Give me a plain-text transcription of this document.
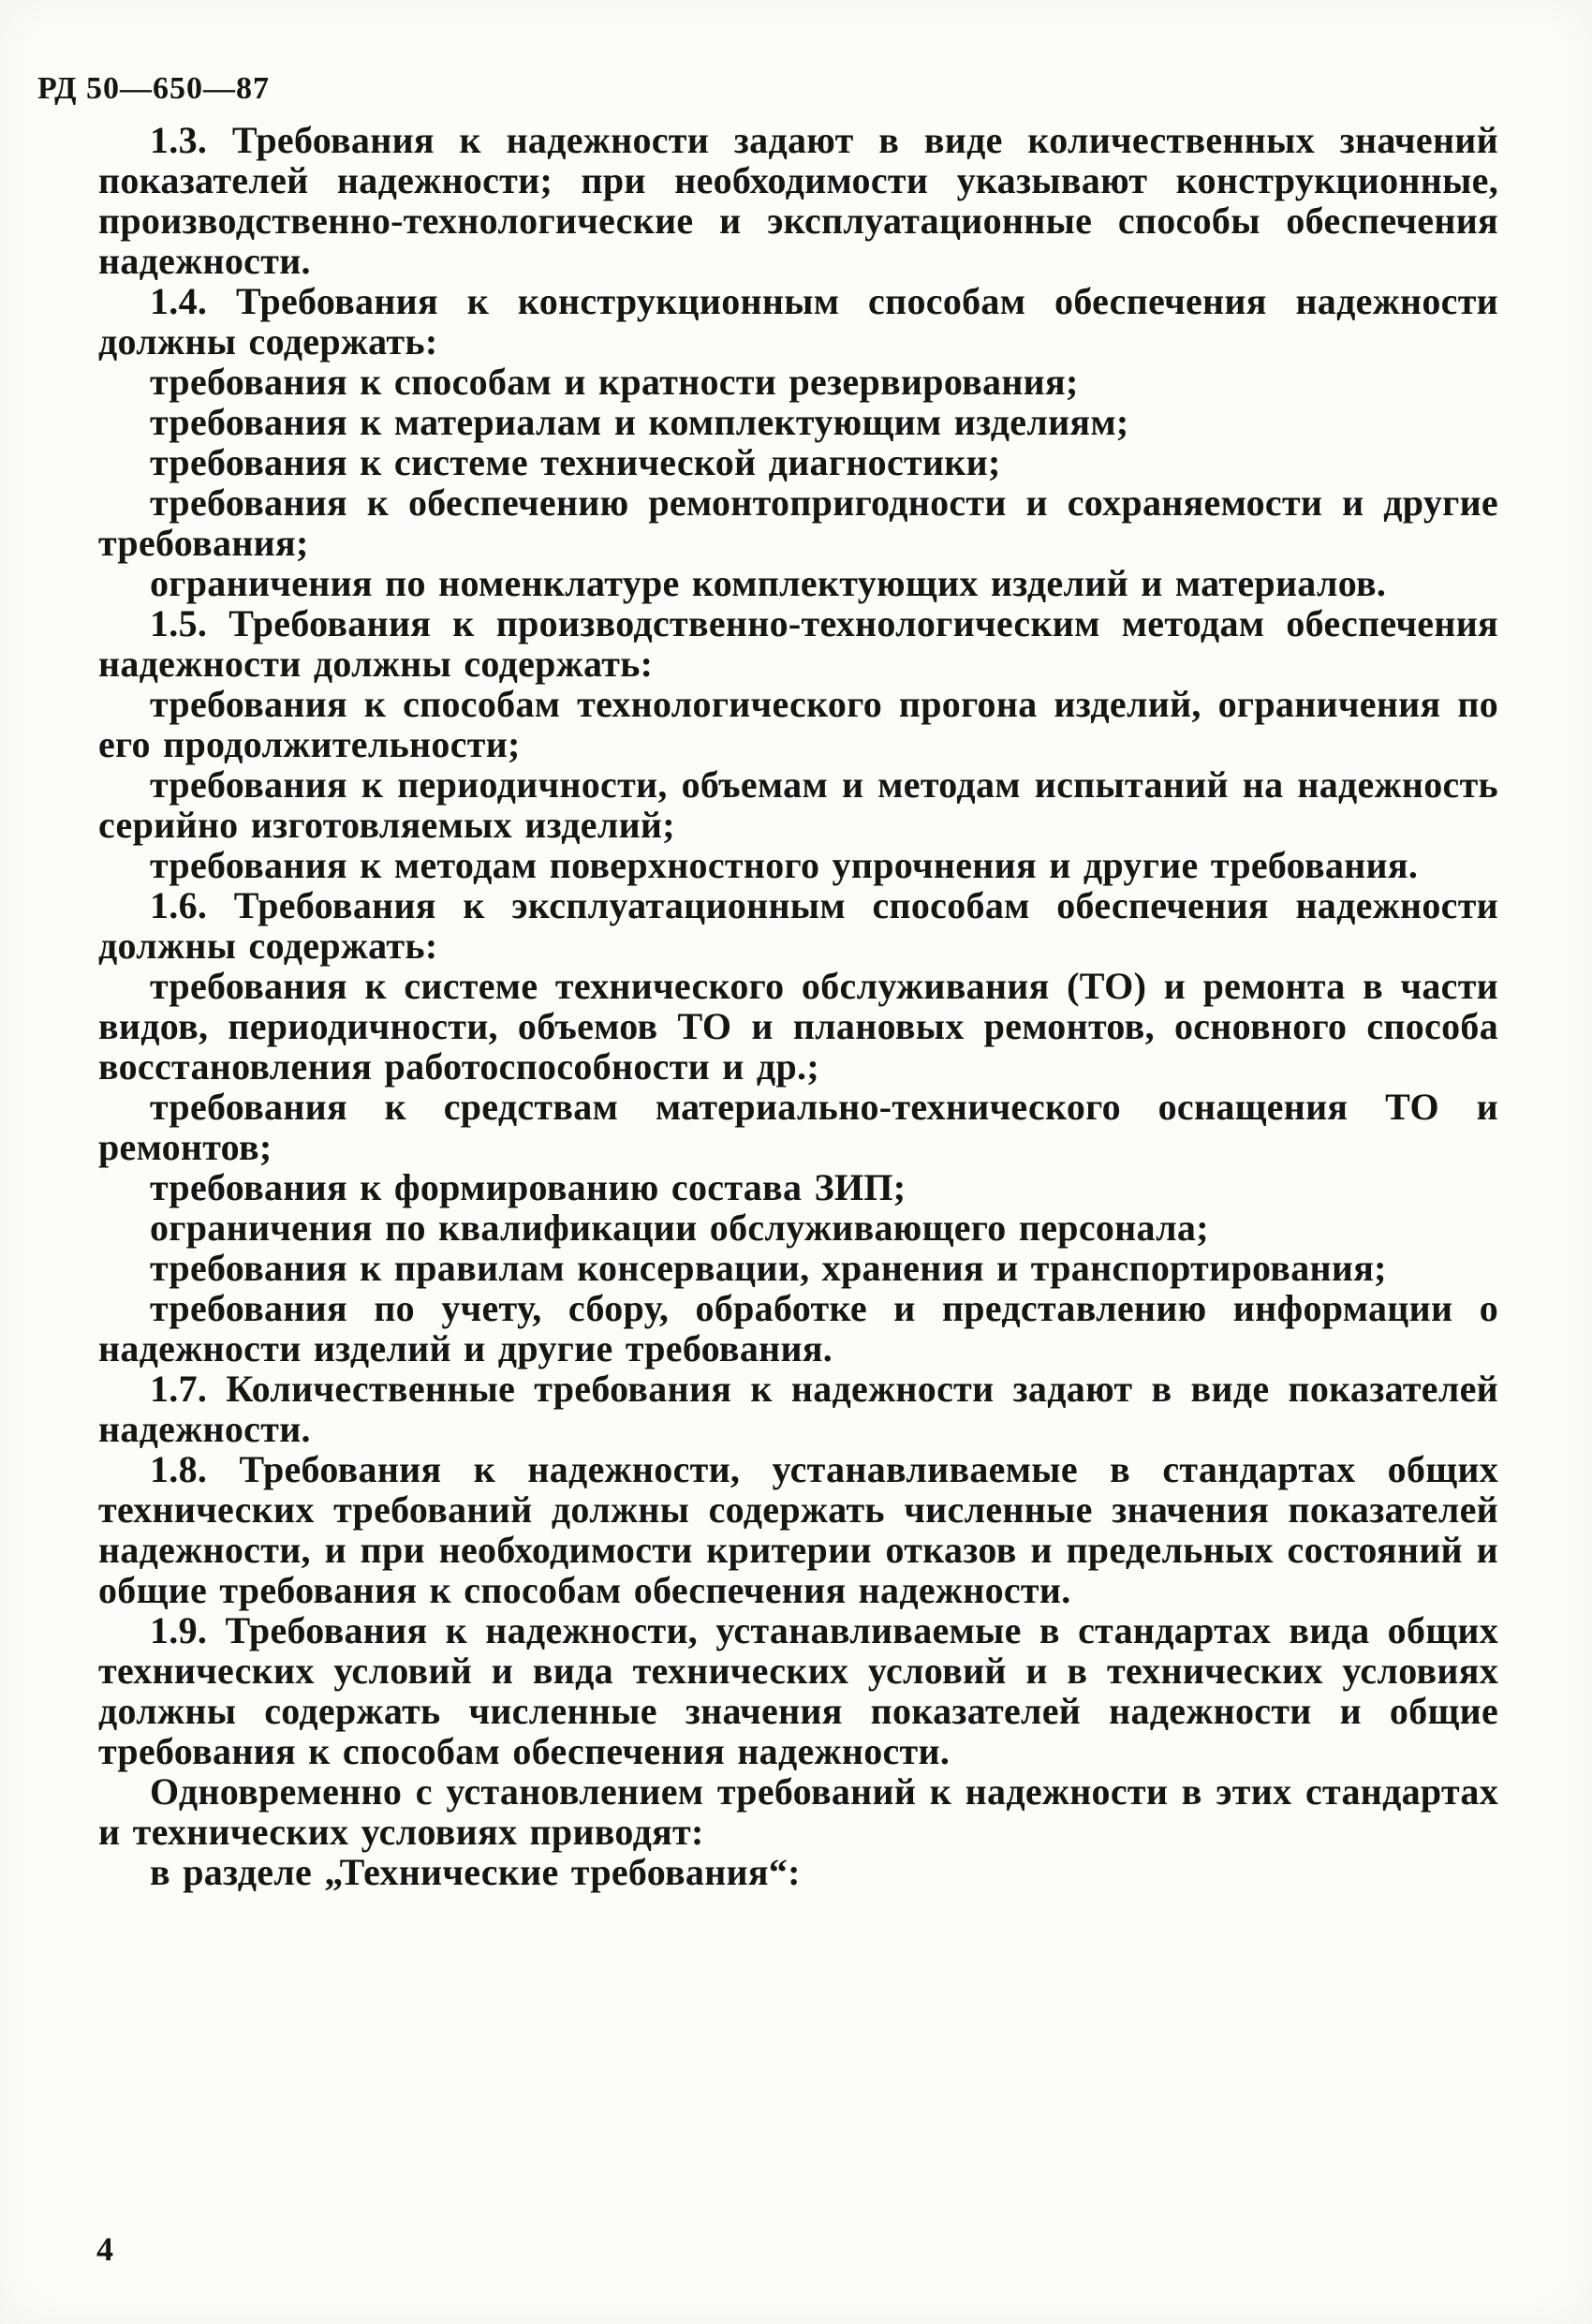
РД 50—650—87

1.3. Требования к надежности задают в виде количественных значений показателей надежности; при необходимости указывают конструкционные, производственно-технологические и эксплуатационные способы обеспечения надежности.

1.4. Требования к конструкционным способам обеспечения надежности должны содержать:

требования к способам и кратности резервирования;

требования к материалам и комплектующим изделиям;

требования к системе технической диагностики;

требования к обеспечению ремонтопригодности и сохраняемости и другие требования;

ограничения по номенклатуре комплектующих изделий и материалов.

1.5. Требования к производственно-технологическим методам обеспечения надежности должны содержать:

требования к способам технологического прогона изделий, ограничения по его продолжительности;

требования к периодичности, объемам и методам испытаний на надежность серийно изготовляемых изделий;

требования к методам поверхностного упрочнения и другие требования.

1.6. Требования к эксплуатационным способам обеспечения надежности должны содержать:

требования к системе технического обслуживания (ТО) и ремонта в части видов, периодичности, объемов ТО и плановых ремонтов, основного способа восстановления работоспособности и др.;

требования к средствам материально-технического оснащения ТО и ремонтов;

требования к формированию состава ЗИП;

ограничения по квалификации обслуживающего персонала;

требования к правилам консервации, хранения и транспортирования;

требования по учету, сбору, обработке и представлению информации о надежности изделий и другие требования.

1.7. Количественные требования к надежности задают в виде показателей надежности.

1.8. Требования к надежности, устанавливаемые в стандартах общих технических требований должны содержать численные значения показателей надежности, и при необходимости критерии отказов и предельных состояний и общие требования к способам обеспечения надежности.

1.9. Требования к надежности, устанавливаемые в стандартах вида общих технических условий и вида технических условий и в технических условиях должны содержать численные значения показателей надежности и общие требования к способам обеспечения надежности.

Одновременно с установлением требований к надежности в этих стандартах и технических условиях приводят:

в разделе „Технические требования“:

4
